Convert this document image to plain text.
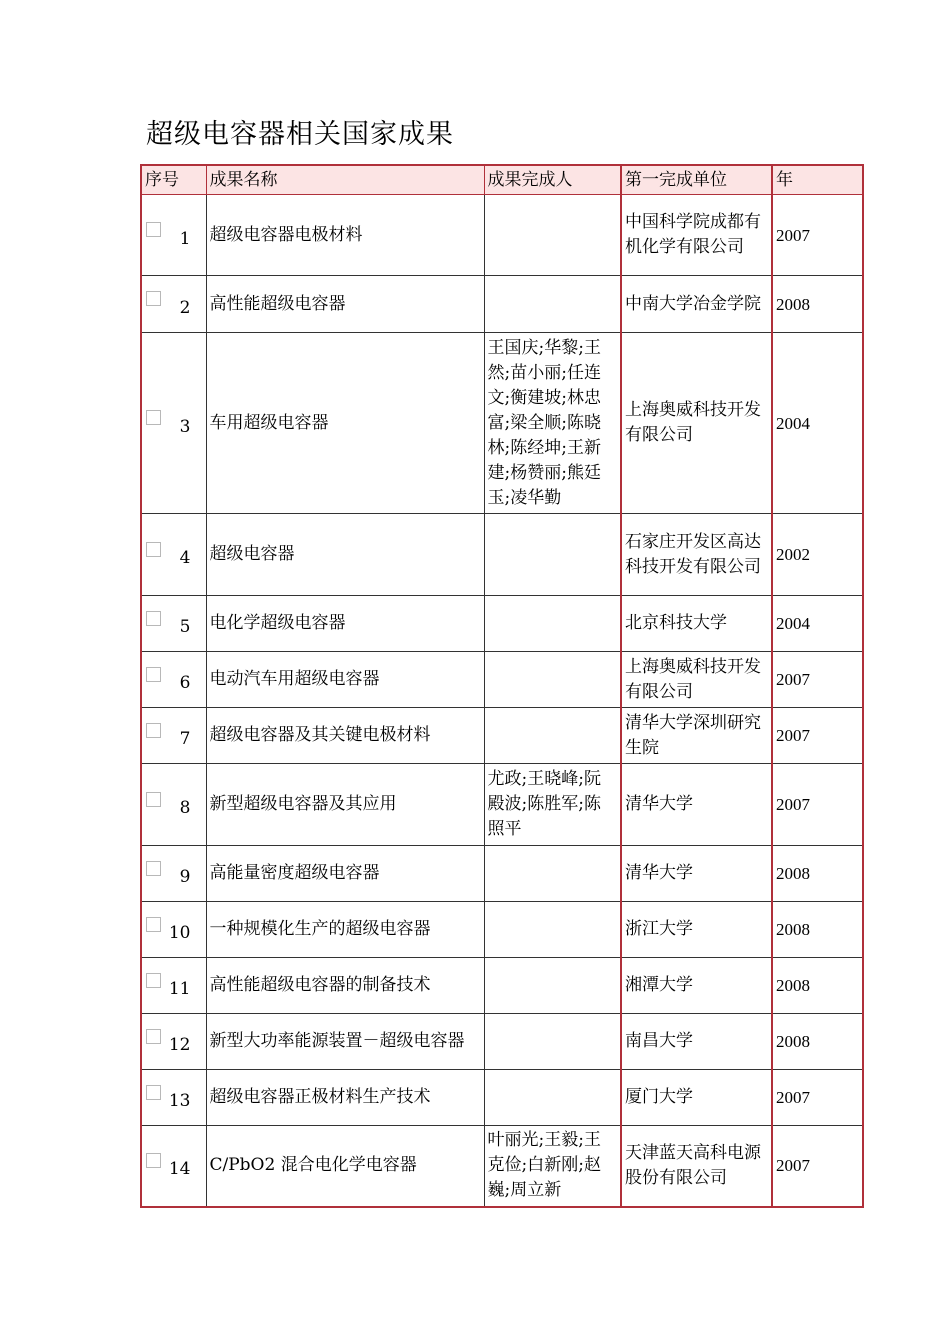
超级电容器相关国家成果
序号	成果名称	成果完成人	第一完成单位	年

1	超级电容器电极材料		中国科学院成都有机化学有限公司	2007

2	高性能超级电容器		中南大学冶金学院	2008

3	车用超级电容器	王国庆;华黎;王然;苗小丽;任连文;衡建坡;林忠富;梁全顺;陈晓林;陈经坤;王新建;杨赞丽;熊廷玉;凌华勤	上海奥威科技开发有限公司	2004

4	超级电容器		石家庄开发区高达科技开发有限公司	2002

5	电化学超级电容器		北京科技大学	2004

6	电动汽车用超级电容器		上海奥威科技开发有限公司	2007

7	超级电容器及其关键电极材料		清华大学深圳研究生院	2007

8	新型超级电容器及其应用	尤政;王晓峰;阮殿波;陈胜军;陈照平	清华大学	2007

9	高能量密度超级电容器		清华大学	2008

10	一种规模化生产的超级电容器		浙江大学	2008

11	高性能超级电容器的制备技术		湘潭大学	2008

12	新型大功率能源装置－超级电容器		南昌大学	2008

13	超级电容器正极材料生产技术		厦门大学	2007

14	C/PbO2 混合电化学电容器	叶丽光;王毅;王克俭;白新刚;赵巍;周立新	天津蓝天高科电源股份有限公司	2007
